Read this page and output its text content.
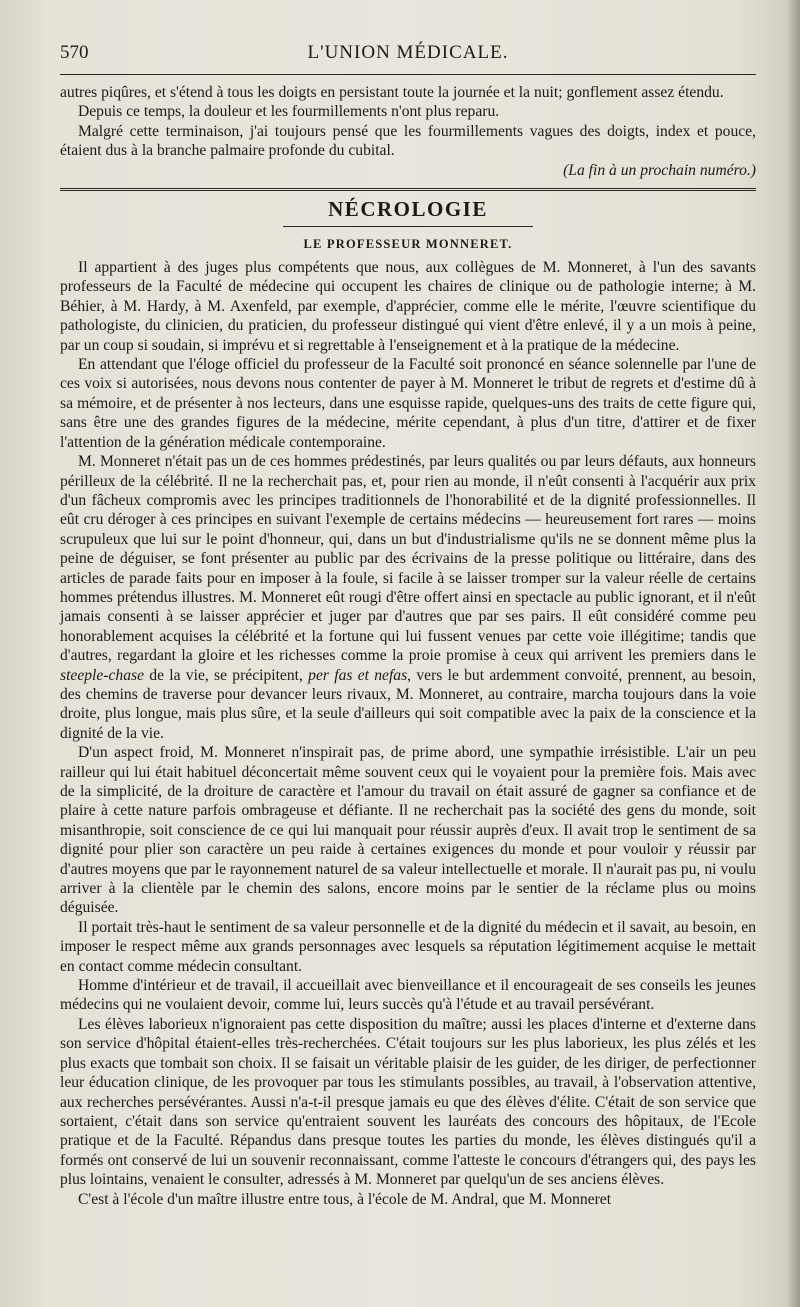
570	L'UNION MÉDICALE.

autres piqûres, et s'étend à tous les doigts en persistant toute la journée et la nuit; gonflement assez étendu.

Depuis ce temps, la douleur et les fourmillements n'ont plus reparu.

Malgré cette terminaison, j'ai toujours pensé que les fourmillements vagues des doigts, index et pouce, étaient dus à la branche palmaire profonde du cubital.

(La fin à un prochain numéro.)

NÉCROLOGIE
LE PROFESSEUR MONNERET.

Il appartient à des juges plus compétents que nous, aux collègues de M. Monneret, à l'un des savants professeurs de la Faculté de médecine qui occupent les chaires de clinique ou de pathologie interne; à M. Béhier, à M. Hardy, à M. Axenfeld, par exemple, d'apprécier, comme elle le mérite, l'œuvre scientifique du pathologiste, du clinicien, du praticien, du professeur distingué qui vient d'être enlevé, il y a un mois à peine, par un coup si soudain, si imprévu et si regrettable à l'enseignement et à la pratique de la médecine.

En attendant que l'éloge officiel du professeur de la Faculté soit prononcé en séance solennelle par l'une de ces voix si autorisées, nous devons nous contenter de payer à M. Monneret le tribut de regrets et d'estime dû à sa mémoire, et de présenter à nos lecteurs, dans une esquisse rapide, quelques-uns des traits de cette figure qui, sans être une des grandes figures de la médecine, mérite cependant, à plus d'un titre, d'attirer et de fixer l'attention de la génération médicale contemporaine.

M. Monneret n'était pas un de ces hommes prédestinés, par leurs qualités ou par leurs défauts, aux honneurs périlleux de la célébrité. Il ne la recherchait pas, et, pour rien au monde, il n'eût consenti à l'acquérir aux prix d'un fâcheux compromis avec les principes traditionnels de l'honorabilité et de la dignité professionnelles. Il eût cru déroger à ces principes en suivant l'exemple de certains médecins — heureusement fort rares — moins scrupuleux que lui sur le point d'honneur, qui, dans un but d'industrialisme qu'ils ne se donnent même plus la peine de déguiser, se font présenter au public par des écrivains de la presse politique ou littéraire, dans des articles de parade faits pour en imposer à la foule, si facile à se laisser tromper sur la valeur réelle de certains hommes prétendus illustres. M. Monneret eût rougi d'être offert ainsi en spectacle au public ignorant, et il n'eût jamais consenti à se laisser apprécier et juger par d'autres que par ses pairs. Il eût considéré comme peu honorablement acquises la célébrité et la fortune qui lui fussent venues par cette voie illégitime; tandis que d'autres, regardant la gloire et les richesses comme la proie promise à ceux qui arrivent les premiers dans le steeple-chase de la vie, se précipitent, per fas et nefas, vers le but ardemment convoité, prennent, au besoin, des chemins de traverse pour devancer leurs rivaux, M. Monneret, au contraire, marcha toujours dans la voie droite, plus longue, mais plus sûre, et la seule d'ailleurs qui soit compatible avec la paix de la conscience et la dignité de la vie.

D'un aspect froid, M. Monneret n'inspirait pas, de prime abord, une sympathie irrésistible. L'air un peu railleur qui lui était habituel déconcertait même souvent ceux qui le voyaient pour la première fois. Mais avec de la simplicité, de la droiture de caractère et l'amour du travail on était assuré de gagner sa confiance et de plaire à cette nature parfois ombrageuse et défiante. Il ne recherchait pas la société des gens du monde, soit misanthropie, soit conscience de ce qui lui manquait pour réussir auprès d'eux. Il avait trop le sentiment de sa dignité pour plier son caractère un peu raide à certaines exigences du monde et pour vouloir y réussir par d'autres moyens que par le rayonnement naturel de sa valeur intellectuelle et morale. Il n'aurait pas pu, ni voulu arriver à la clientèle par le chemin des salons, encore moins par le sentier de la réclame plus ou moins déguisée.

Il portait très-haut le sentiment de sa valeur personnelle et de la dignité du médecin et il savait, au besoin, en imposer le respect même aux grands personnages avec lesquels sa réputation légitimement acquise le mettait en contact comme médecin consultant.

Homme d'intérieur et de travail, il accueillait avec bienveillance et il encourageait de ses conseils les jeunes médecins qui ne voulaient devoir, comme lui, leurs succès qu'à l'étude et au travail persévérant.

Les élèves laborieux n'ignoraient pas cette disposition du maître; aussi les places d'interne et d'externe dans son service d'hôpital étaient-elles très-recherchées. C'était toujours sur les plus laborieux, les plus zélés et les plus exacts que tombait son choix. Il se faisait un véritable plaisir de les guider, de les diriger, de perfectionner leur éducation clinique, de les provoquer par tous les stimulants possibles, au travail, à l'observation attentive, aux recherches persévérantes. Aussi n'a-t-il presque jamais eu que des élèves d'élite. C'était de son service que sortaient, c'était dans son service qu'entraient souvent les lauréats des concours des hôpitaux, de l'Ecole pratique et de la Faculté. Répandus dans presque toutes les parties du monde, les élèves distingués qu'il a formés ont conservé de lui un souvenir reconnaissant, comme l'atteste le concours d'étrangers qui, des pays les plus lointains, venaient le consulter, adressés à M. Monneret par quelqu'un de ses anciens élèves.

C'est à l'école d'un maître illustre entre tous, à l'école de M. Andral, que M. Monneret
